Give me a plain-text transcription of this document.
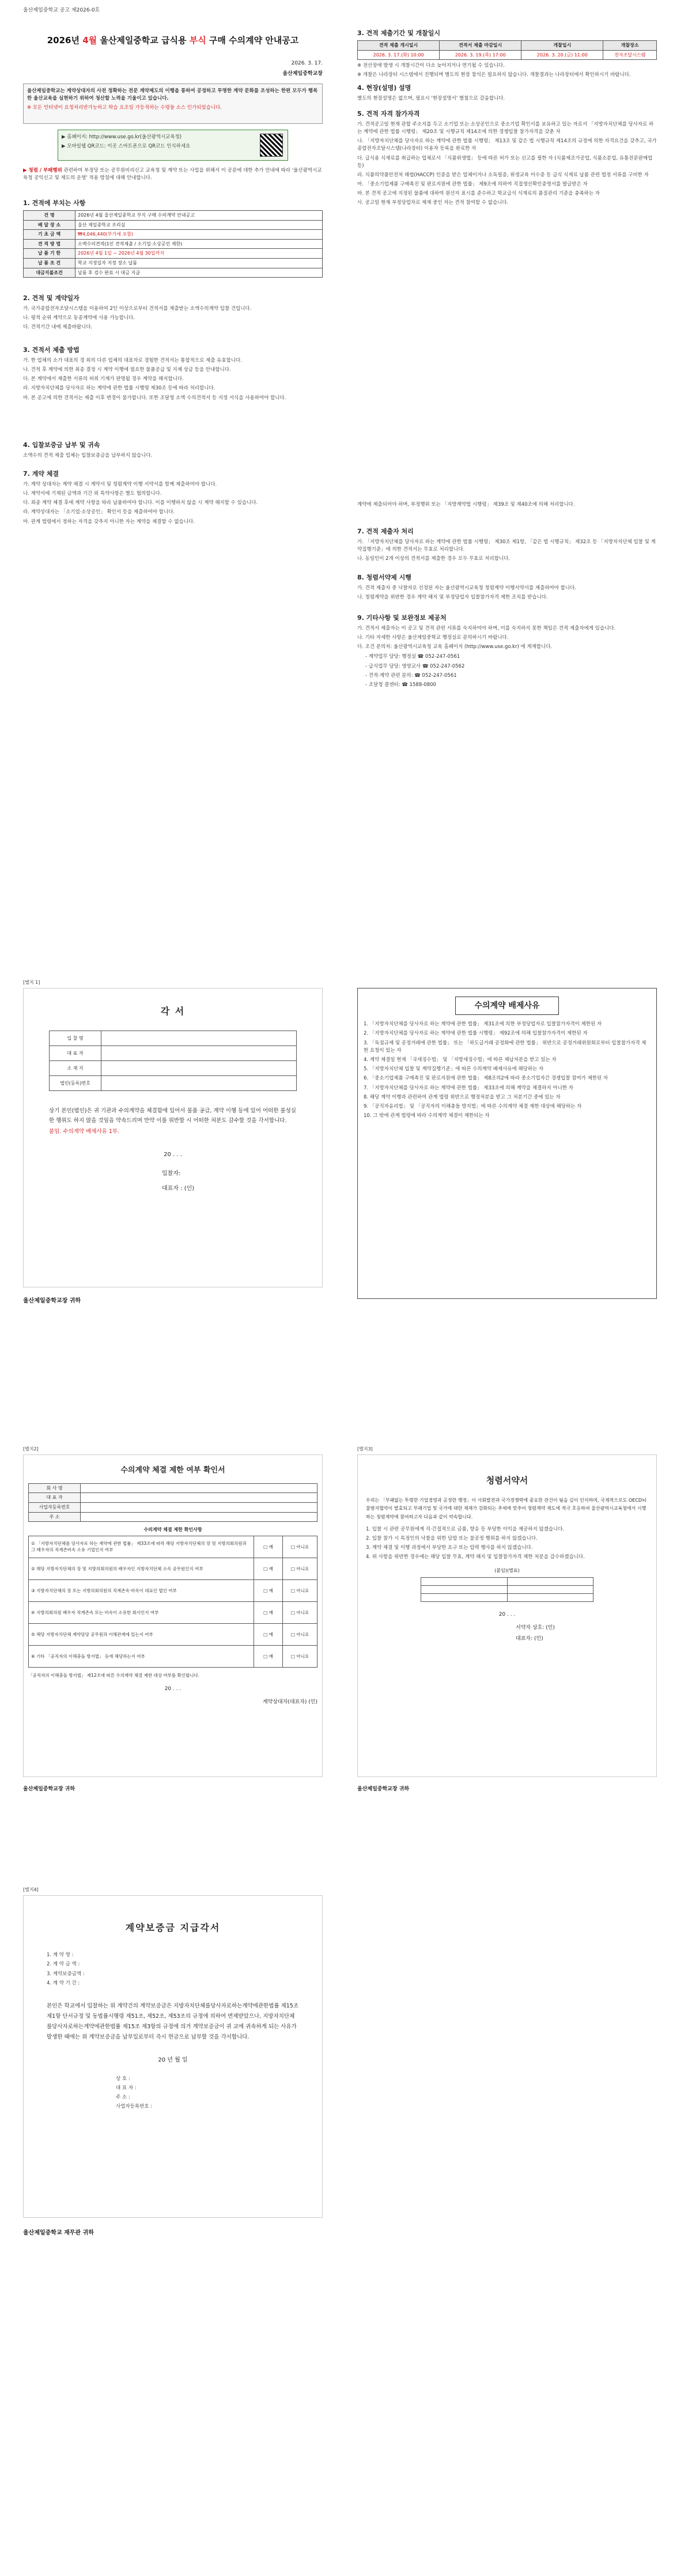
울산제일중학교 공고 제2026-0호
2026년 4월 울산제일중학교 급식용 부식 구매 수의계약 안내공고
2026. 3. 17.
울산제일중학교장
울산제일중학교는 계약상대자의 사전 정확하는 전문 계약제도의 이행을 통하여 공정하고 투명한 계약 문화를 조성하는 한편 모두가 행복한 울산교육을 실현하기 위하여 청산할 노력을 기울이고 있습니다.
※ 모든 인터넷이 요청처리반가능하고 학습 요조일 가등적하는 수령들 소스 인가되었습니다.
▶ 홈페이지: http://www.use.go.kr(울산광역시교육청)
▶ 모바일웹 QR코드: 이곳 스마트폰으로 QR코드 인식하세요
▶ 청렴 / 부패행위 관련하여 부정당 또는 공무원비리신고 교육청 및 계약 또는 사업을 위해서 이 공문에 대한 추가 안내에 따라 '울산광역시교육청 공익신고 및 제도의 운영' 적용 방침에 대해 안내합니다.
1. 견적에 부치는 사항
건 명	2026년 4월 울산제일중학교 부식 구매 수의계약 안내공고
배 달 장 소	울산 제일중학교 조리실
기 초 금 액	₩4,046,440(부가세 포함)
견 적 방 법	소액수의견적(1인 견적제출 / 소기업·소상공인 제한)
납 품 기 한	2026년 4월 1일 ~ 2026년 4월 30일까지
납 품 조 건	학교 지정일자 지정 장소 납품
대금지불조건	납품 후 검수 완료 시 대금 지급
2. 견적 및 계약일자
가. 국가종합전자조달시스템을 이용하여 2인 이상으로부터 견적서를 제출받는 소액수의계약 입찰 건입니다.
나. 평적 순위 계약으로 동종계약에 사용 가능합니다.
다. 견적기간 내에 제출바랍니다.
3. 견적서 제출 방법
가. 한 업체의 소가 대표의 경 외의 다른 업체의 대표자로 경험한 견적서는 통합적으로 제출 유효합니다.
나. 견적 후 계약에 의한 최종 결정 시 계약 이행에 필요한 물품공급 및 지체 상금 등을 안내합니다.
다. 본 계약에서 제출한 서류의 허위 기재가 판명될 경우 계약을 해지합니다.
라. 지방자치단체를 당사자로 하는 계약에 관한 법률 시행령 제30조 등에 따라 처리합니다.
마. 본 공고에 의한 견적서는 제출 이후 변경이 불가합니다. 또한 조달청 소액 수의견적서 등 지정 서식을 사용하여야 합니다.
4. 입찰보증금 납부 및 귀속
소액수의 견적 제출 업체는 입찰보증금을 납부하지 않습니다.
7. 계약 체결
가. 계약 상대자는 계약 체결 시 계약서 및 청렴계약 이행 서약서를 함께 제출하여야 합니다.
나. 계약서에 기재된 금액과 기간 외 특약사항은 별도 협의합니다.
다. 최종 계약 체결 후에 계약 사항을 따라 납품하여야 합니다. 이를 이행하지 않을 시 계약 해지할 수 있습니다.
라. 계약상대자는 「소기업·소상공인」 확인서 등을 제출하여야 합니다.
마. 관계 법령에서 정하는 자격을 갖추지 아니한 자는 계약을 체결할 수 없습니다.
3. 견적 제출기간 및 개찰일시
견적 제출 개시일시	견적서 제출 마감일시	개찰일시	개찰장소
2026. 3. 17.(화) 10:00	2026. 3. 19.(목) 17:00	2026. 3. 20.(금) 11:00	전자조달시스템
※ 전산장애 발생 시 개찰시간이 다소 늦어지거나 연기될 수 있습니다.
※ 개찰은 나라장터 시스템에서 진행되며 별도의 현장 참석은 필요하지 않습니다. 개찰결과는 나라장터에서 확인하시기 바랍니다.
4. 현장(설명) 설명
별도의 현장설명은 없으며, 필요시 '현장설명서' 별첨으로 갈음합니다.
5. 견적 자격 참가자격
가. 견적공고일 현재 관할 주소지를 두고 소기업 또는 소상공인으로 중소기업 확인서를 보유하고 있는 자로서 「지방자치단체를 당사자로 하는 계약에 관한 법률 시행령」 제20조 및 시행규칙 제14조에 의한 경쟁입찰 참가자격을 갖춘 자
나. 「지방자치단체를 당사자로 하는 계약에 관한 법률 시행령」 제13조 및 같은 법 시행규칙 제14조의 규정에 의한 자격요건을 갖추고, 국가종합전자조달시스템(나라장터) 이용자 등록을 완료한 자
다. 급식용 식재료를 취급하는 업체로서 「식품위생법」 등에 따른 허가 또는 신고를 필한 자 (식품제조가공업, 식품소분업, 유통전문판매업 등)
라. 식품의약품안전처 해썹(HACCP) 인증을 받은 업체이거나 소독필증, 위생교육 이수증 등 급식 식재료 납품 관련 법정 서류를 구비한 자
마. 「중소기업제품 구매촉진 및 판로지원에 관한 법률」 제9조에 의하여 직접생산확인증명서를 발급받은 자
바. 본 견적 공고에 지정된 물품에 대하여 원산지 표시를 준수하고 학교급식 식재료의 품질관리 기준을 충족하는 자
사. 공고일 현재 부정당업자로 제재 중인 자는 견적 참여할 수 없습니다.
계약에 제출되어야 하며, 부정행위 또는 「지방계약법 시행령」 제39조 및 제40조에 의해 처리합니다.
7. 견적 제출자 처리
가. 「지방자치단체를 당사자로 하는 계약에 관한 법률 시행령」 제30조 제1항, 「같은 법 시행규칙」 제32조 등 「지방자치단체 입찰 및 계약집행기준」에 의한 견적서는 무효로 처리합니다.
나. 동일인이 2개 이상의 견적서를 제출한 경우 모두 무효로 처리합니다.
8. 청렴서약제 시행
가. 견적 제출자 중 낙찰자로 선정된 자는 울산광역시교육청 청렴계약 이행서약서를 제출하여야 합니다.
나. 청렴계약을 위반한 경우 계약 해지 및 부정당업자 입찰참가자격 제한 조치를 받습니다.
9. 기타사항 및 보완정보 제공처
가. 견적서 제출자는 이 공고 및 견적 관련 서류를 숙지하여야 하며, 이를 숙지하지 못한 책임은 견적 제출자에게 있습니다.
나. 기타 자세한 사항은 울산제일중학교 행정실로 문의하시기 바랍니다.
다. 조건 문의처: 울산광역시교육청 교육 홈페이지 (http://www.use.go.kr) 에 게재합니다.
- 계약업무 담당: 행정실 ☎ 052-247-0561
- 급식업무 담당: 영양교사 ☎ 052-247-0562
- 견적·계약 관련 문의: ☎ 052-247-0561
- 조달청 콜센터: ☎ 1588-0800
[별지 1]
각 서
입 찰 명	
대 표 자	
소 재 지	
법인(등록)번호	
상기 본인(법인)은 귀 기관과 수의계약을 체결함에 있어서 물품 공급, 계약 이행 등에 있어 어떠한 불성실한 행위도 하지 않을 것임을 약속드리며 만약 이를 위반할 시 어떠한 처분도 감수할 것을 각서합니다.
붙임. 수의계약 배제사유 1부.
20 . . .
입찰자:
대표자 : (인)
울산제일중학교장 귀하
수의계약 배제사유
1. 「지방자치단체를 당사자로 하는 계약에 관한 법률」 제31조에 의한 부정당업자로 입찰참가자격이 제한된 자
2. 「지방자치단체를 당사자로 하는 계약에 관한 법률 시행령」 제92조에 의해 입찰참가자격이 제한된 자
3. 「독점규제 및 공정거래에 관한 법률」 또는 「하도급거래 공정화에 관한 법률」 위반으로 공정거래위원회로부터 입찰참가자격 제한 요청이 있는 자
4. 계약 체결일 현재 「국세징수법」 및 「지방세징수법」에 따른 체납처분을 받고 있는 자
5. 「지방자치단체 입찰 및 계약집행기준」에 따른 수의계약 배제사유에 해당하는 자
6. 「중소기업제품 구매촉진 및 판로지원에 관한 법률」 제8조의2에 따라 중소기업자간 경쟁입찰 참여가 제한된 자
7. 「지방자치단체를 당사자로 하는 계약에 관한 법률」 제33조에 의해 계약을 체결하지 아니한 자
8. 해당 계약 이행과 관련하여 관계 법령 위반으로 행정처분을 받고 그 처분기간 중에 있는 자
9. 「공직자윤리법」 및 「공직자의 이해충돌 방지법」에 따른 수의계약 체결 제한 대상에 해당하는 자
10. 그 밖에 관계 법령에 따라 수의계약 체결이 제한되는 자
[별지2]
수의계약 체결 제한 여부 확인서
회 사 명	
대 표 자	
사업자등록번호	
주 소	
수의계약 체결 제한 확인사항
① 「지방자치단체를 당사자로 하는 계약에 관한 법률」 제33조에 따라 해당 지방자치단체의 장 및 지방의회의원과 그 배우자의 직계존비속 소유 기업인지 여부	□ 예	□ 아니요
② 해당 지방자치단체의 장 및 지방의회의원의 배우자인 지방자치단체 소속 공무원인지 여부	□ 예	□ 아니요
③ 지방자치단체의 장 또는 지방의회의원의 직계존속·비속이 대표인 법인 여부	□ 예	□ 아니요
④ 지방의회의원 배우자 직계존속 또는 비속이 소유한 회사인지 여부	□ 예	□ 아니요
⑤ 해당 지방자치단체 계약담당 공무원과 이해관계에 있는지 여부	□ 예	□ 아니요
⑥ 기타 「공직자의 이해충돌 방지법」 등에 해당하는지 여부	□ 예	□ 아니요
「공직자의 이해충돌 방지법」 제12조에 따른 수의계약 체결 제한 대상 여부를 확인합니다.
20 . . .
계약상대자(대표자) (인)
울산제일중학교장 귀하
[별지3]
청렴서약서
우리는 「부패없는 투명한 기업경영과 공정한 행정」이 사회발전과 국가경쟁력에 중요한 관건이 됨을 깊이 인식하며, 국제적으로도 OECD뇌물방지협약이 발효되고 부패기업 및 국가에 대한 제재가 강화되는 추세에 맞추어 청렴계약 제도에 적극 호응하여 울산광역시교육청에서 시행하는 청렴계약에 참여하고자 다음과 같이 약속합니다.
1. 입찰 시 관련 공무원에게 직·간접적으로 금품, 향응 등 부당한 이익을 제공하지 않겠습니다.
2. 입찰 참가 시 특정인의 낙찰을 위한 담합 또는 불공정 행위를 하지 않겠습니다.
3. 계약 체결 및 이행 과정에서 부당한 요구 또는 압력 행사를 하지 않겠습니다.
4. 위 사항을 위반한 경우에는 해당 입찰 무효, 계약 해지 및 입찰참가자격 제한 처분을 감수하겠습니다.
(붙임)(별표)

20 . . .
서약자 상호: (인)
대표자: (인)
울산제일중학교장 귀하
[별지4]
계약보증금 지급각서
1. 계 약 명 :
2. 계 약 금 액 :
3. 계약보증금액 :
4. 계 약 기 간 :
본인은 학교에서 입찰하는 위 계약건의 계약보증금은 지방자치단체를당사자로하는계약에관한법률 제15조 제1항 단서규정 및 동법률시행령 제51조, 제52조, 제53조의 규정에 의하여 면제받았으나, 지방자치단체를당사자로하는계약에관한법률 제15조 제3항의 규정에 의거 계약보증금이 귀 교에 귀속하게 되는 사유가 발생한 때에는 위 계약보증금을 납부일로부터 즉시 현금으로 납부할 것을 각서합니다.
20 년 월 일
상 호 :
대 표 자 :
주 소 :
사업자등록번호 :
울산제일중학교 재무관 귀하
